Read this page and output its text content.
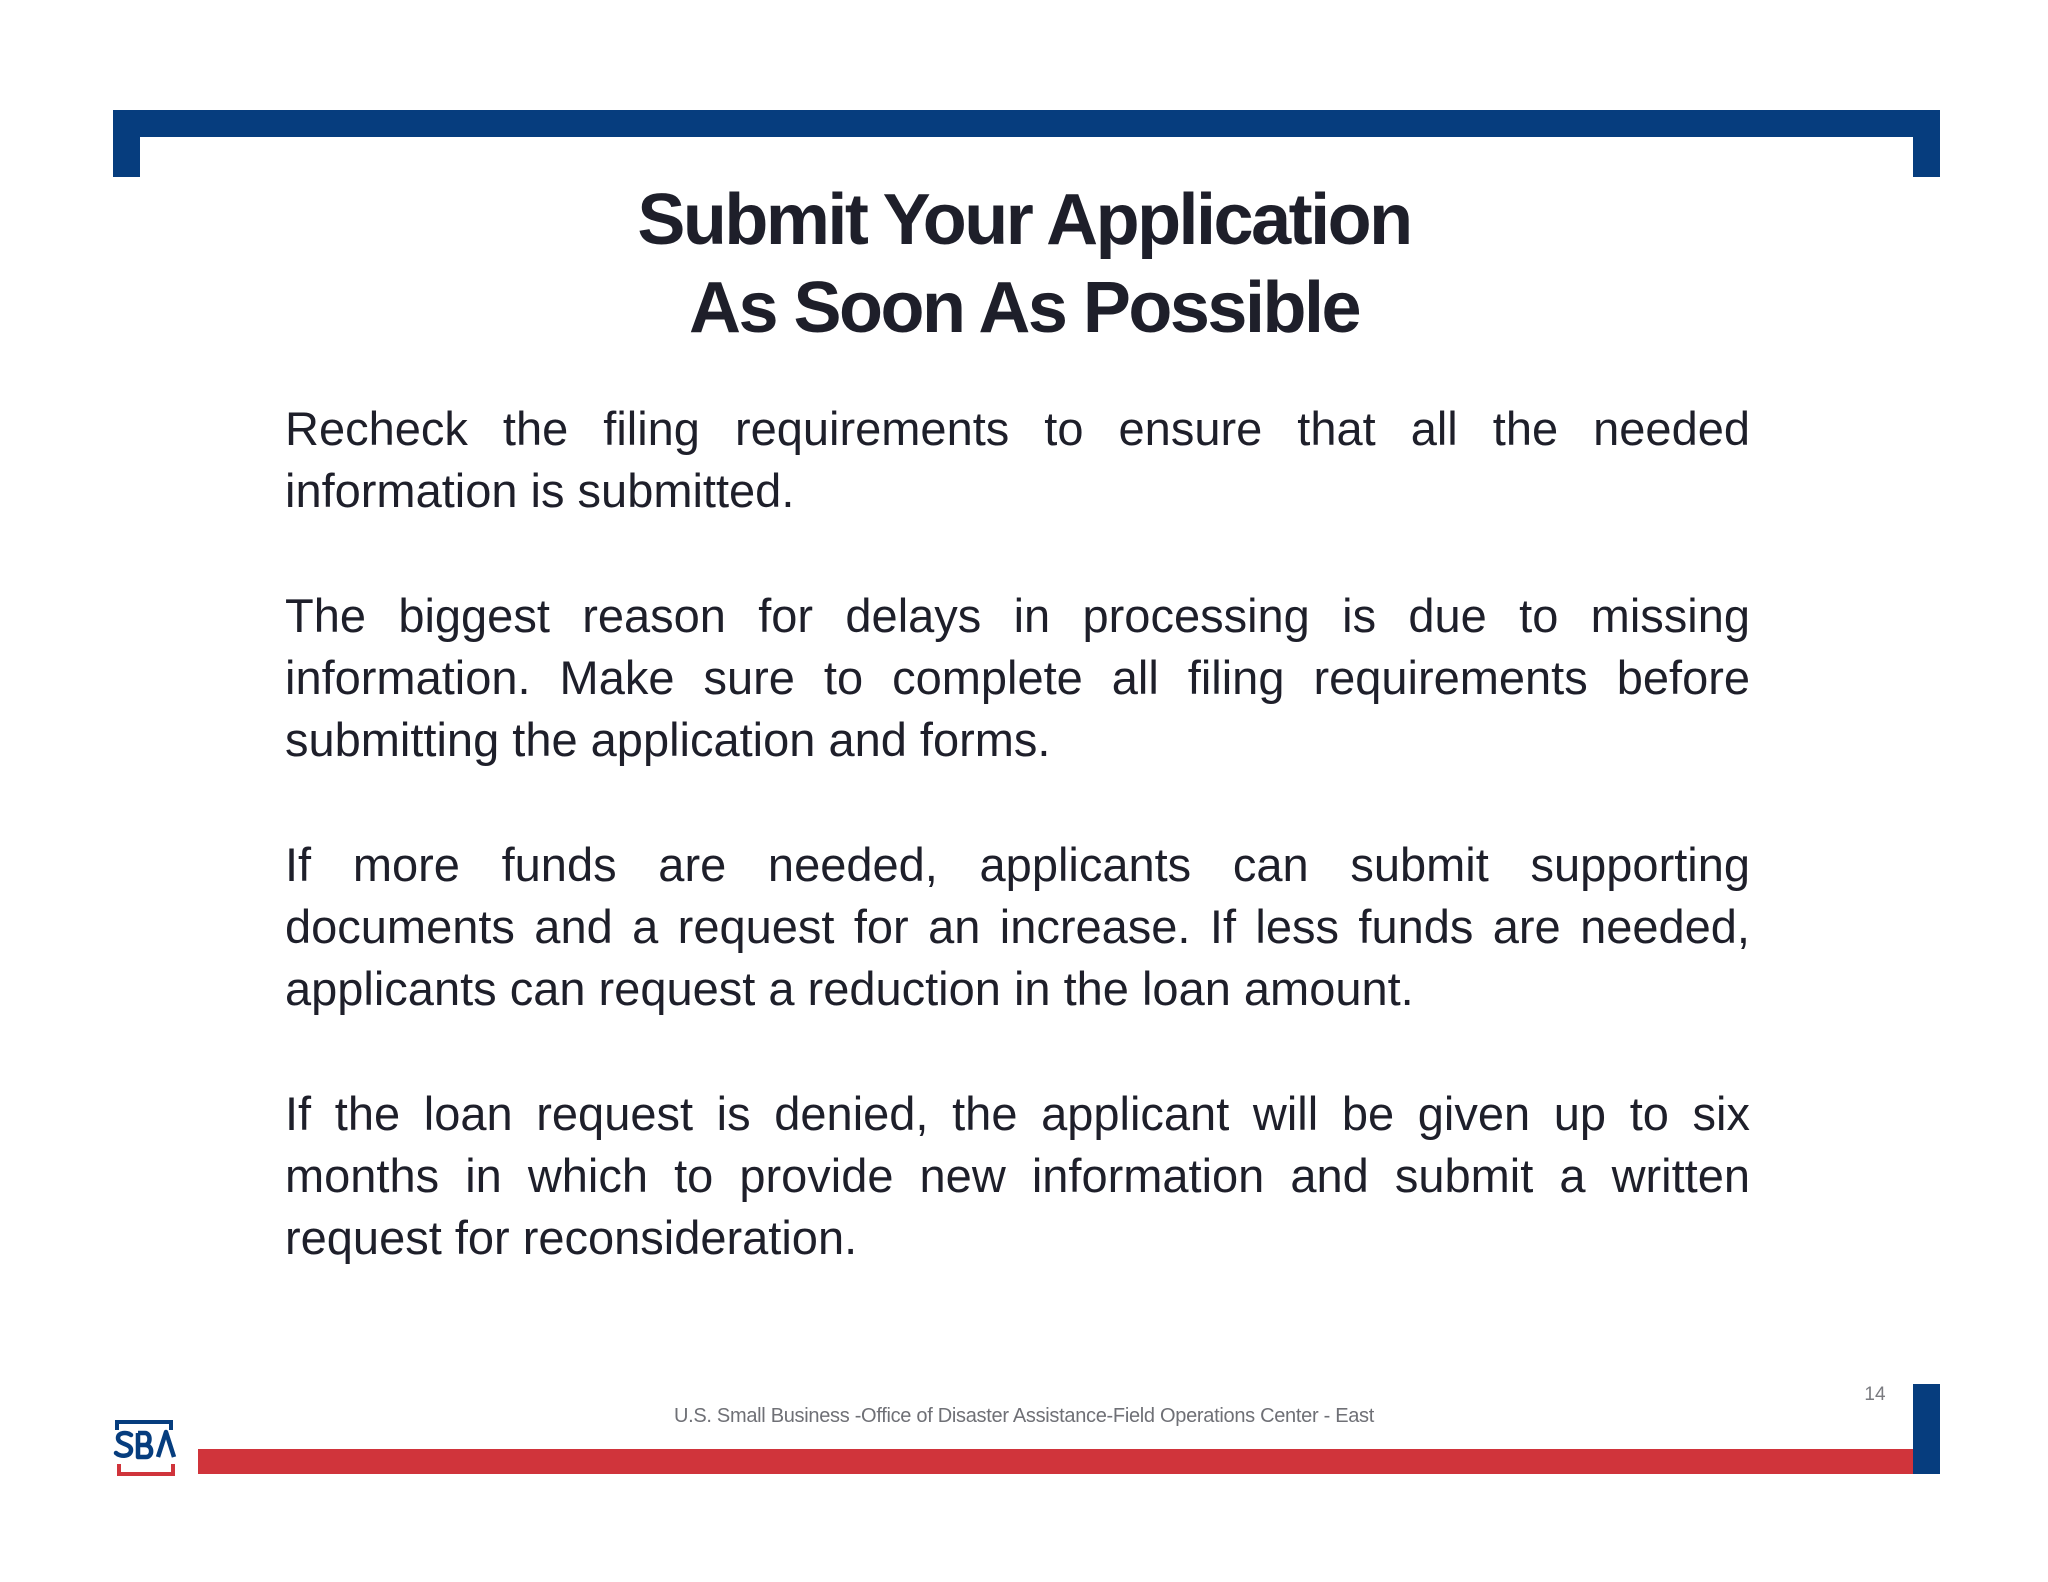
Submit Your Application
As Soon As Possible

Recheck the filing requirements to ensure that all the needed information is submitted.

The biggest reason for delays in processing is due to missing information. Make sure to complete all filing requirements before submitting the application and forms.

If more funds are needed, applicants can submit supporting documents and a request for an increase. If less funds are needed, applicants can request a reduction in the loan amount.

If the loan request is denied, the applicant will be given up to six months in which to provide new information and submit a written request for reconsideration.

14
U.S. Small Business -Office of Disaster Assistance-Field Operations Center - East
